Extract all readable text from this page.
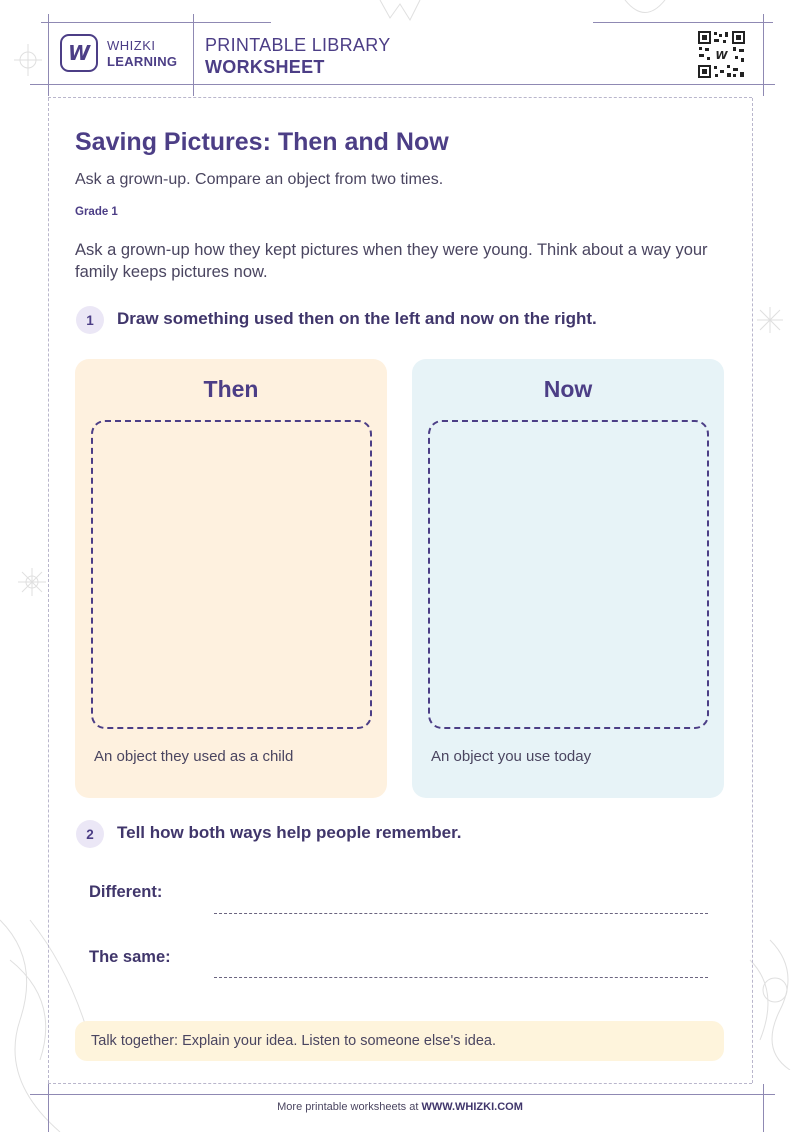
W WHIZKI
LEARNING
PRINTABLE LIBRARY
WORKSHEET
W
Saving Pictures: Then and Now
Ask a grown-up. Compare an object from two times.
Grade 1
Ask a grown-up how they kept pictures when they were young. Think about a way your family keeps pictures now.
1	Draw something used then on the left and now on the right.
Then
An object they used as a child
Now
An object you use today
2	Tell how both ways help people remember.
Different:
The same:
Talk together: Explain your idea. Listen to someone else's idea.
More printable worksheets at WWW.WHIZKI.COM
